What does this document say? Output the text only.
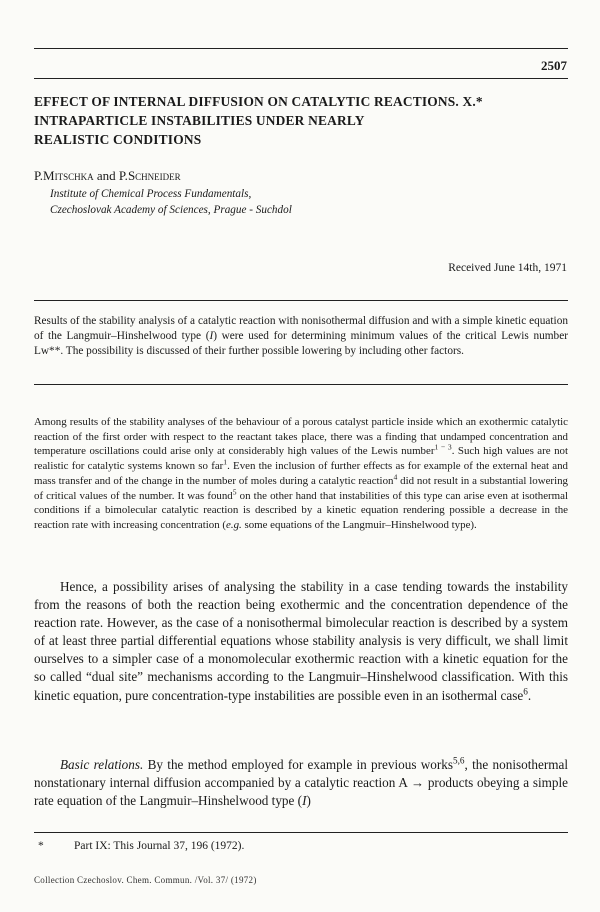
2507
EFFECT OF INTERNAL DIFFUSION ON CATALYTIC REACTIONS. X.*
INTRAPARTICLE INSTABILITIES UNDER NEARLY
REALISTIC CONDITIONS
P.Mitschka and P.Schneider
Institute of Chemical Process Fundamentals,
Czechoslovak Academy of Sciences, Prague - Suchdol
Received June 14th, 1971
Results of the stability analysis of a catalytic reaction with nonisothermal diffusion and with a simple kinetic equation of the Langmuir–Hinshelwood type (I) were used for determining minimum values of the critical Lewis number Lw**. The possibility is discussed of their further possible lowering by including other factors.
Among results of the stability analyses of the behaviour of a porous catalyst particle inside which an exothermic catalytic reaction of the first order with respect to the reactant takes place, there was a finding that undamped concentration and temperature oscillations could arise only at considerably high values of the Lewis number$^{1 - 3}$. Such high values are not realistic for catalytic systems known so far$^1$. Even the inclusion of further effects as for example of the external heat and mass transfer and of the change in the number of moles during a catalytic reaction$^4$ did not result in a substantial lowering of critical values of the number. It was found$^5$ on the other hand that instabilities of this type can arise even at isothermal conditions if a bimolecular catalytic reaction is described by a kinetic equation rendering possible a decrease in the reaction rate with increasing concentration (e.g. some equations of the Langmuir–Hinshelwood type).
Hence, a possibility arises of analysing the stability in a case tending towards the instability from the reasons of both the reaction being exothermic and the concentration dependence of the reaction rate. However, as the case of a nonisothermal bimolecular reaction is described by a system of at least three partial differential equations whose stability analysis is very difficult, we shall limit ourselves to a simpler case of a monomolecular exothermic reaction with a kinetic equation for the so called “dual site” mechanisms according to the Langmuir–Hinshelwood classification. With this kinetic equation, pure concentration-type instabilities are possible even in an isothermal case$^6$.
Basic relations. By the method employed for example in previous works$^{5,6}$, the nonisothermal nonstationary internal diffusion accompanied by a catalytic reaction A → products obeying a simple rate equation of the Langmuir–Hinshelwood type (I)
*	Part IX: This Journal 37, 196 (1972).
Collection Czechoslov. Chem. Commun. /Vol. 37/ (1972)
